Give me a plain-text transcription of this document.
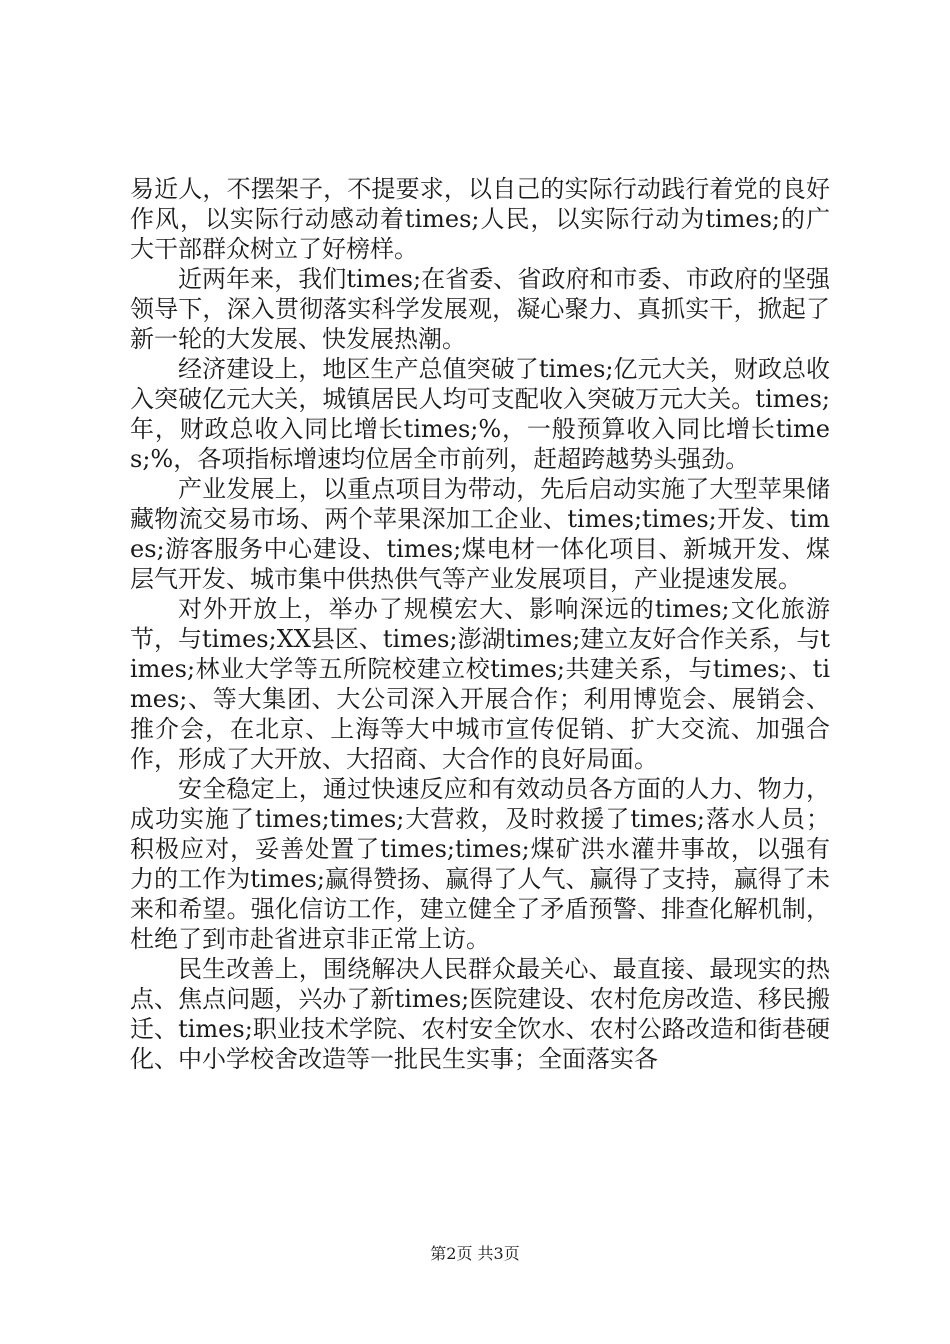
易近人，不摆架子，不提要求，以自己的实际行动践行着党的良好作风，以实际行动感动着times;人民，以实际行动为times;的广大干部群众树立了好榜样。

近两年来，我们times;在省委、省政府和市委、市政府的坚强领导下，深入贯彻落实科学发展观，凝心聚力、真抓实干，掀起了新一轮的大发展、快发展热潮。

经济建设上，地区生产总值突破了times;亿元大关，财政总收入突破亿元大关，城镇居民人均可支配收入突破万元大关。times;年，财政总收入同比增长times;%，一般预算收入同比增长times;%，各项指标增速均位居全市前列，赶超跨越势头强劲。

产业发展上，以重点项目为带动，先后启动实施了大型苹果储藏物流交易市场、两个苹果深加工企业、times;times;开发、times;游客服务中心建设、times;煤电材一体化项目、新城开发、煤层气开发、城市集中供热供气等产业发展项目，产业提速发展。

对外开放上，举办了规模宏大、影响深远的times;文化旅游节，与times;XX县区、times;澎湖times;建立友好合作关系，与times;林业大学等五所院校建立校times;共建关系，与times;、times;、等大集团、大公司深入开展合作；利用博览会、展销会、推介会，在北京、上海等大中城市宣传促销、扩大交流、加强合作，形成了大开放、大招商、大合作的良好局面。

安全稳定上，通过快速反应和有效动员各方面的人力、物力，成功实施了times;times;大营救，及时救援了times;落水人员；积极应对，妥善处置了times;times;煤矿洪水灌井事故，以强有力的工作为times;赢得赞扬、赢得了人气、赢得了支持，赢得了未来和希望。强化信访工作，建立健全了矛盾预警、排查化解机制，杜绝了到市赴省进京非正常上访。

民生改善上，围绕解决人民群众最关心、最直接、最现实的热点、焦点问题，兴办了新times;医院建设、农村危房改造、移民搬迁、times;职业技术学院、农村安全饮水、农村公路改造和街巷硬化、中小学校舍改造等一批民生实事；全面落实各

第2页 共3页
